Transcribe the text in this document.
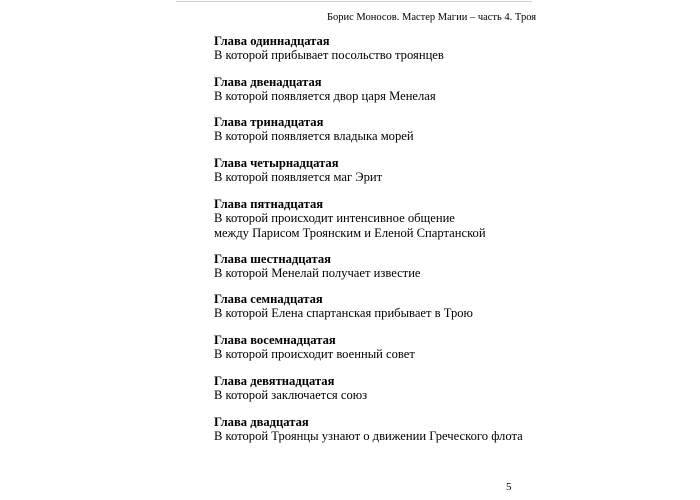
Борис Моносов. Мастер Магии – часть 4. Троя
Глава одиннадцатая
В которой прибывает посольство троянцев
Глава двенадцатая
В которой появляется двор царя Менелая
Глава тринадцатая
В которой появляется владыка морей
Глава четырнадцатая
В которой появляется маг Эрит
Глава пятнадцатая
В которой происходит интенсивное общение
между Парисом Троянским и Еленой Спартанской
Глава шестнадцатая
В которой Менелай получает известие
Глава семнадцатая
В которой Елена спартанская прибывает в Трою
Глава восемнадцатая
В которой происходит военный совет
Глава девятнадцатая
В которой заключается союз
Глава двадцатая
В которой Троянцы узнают о движении Греческого флота
5
